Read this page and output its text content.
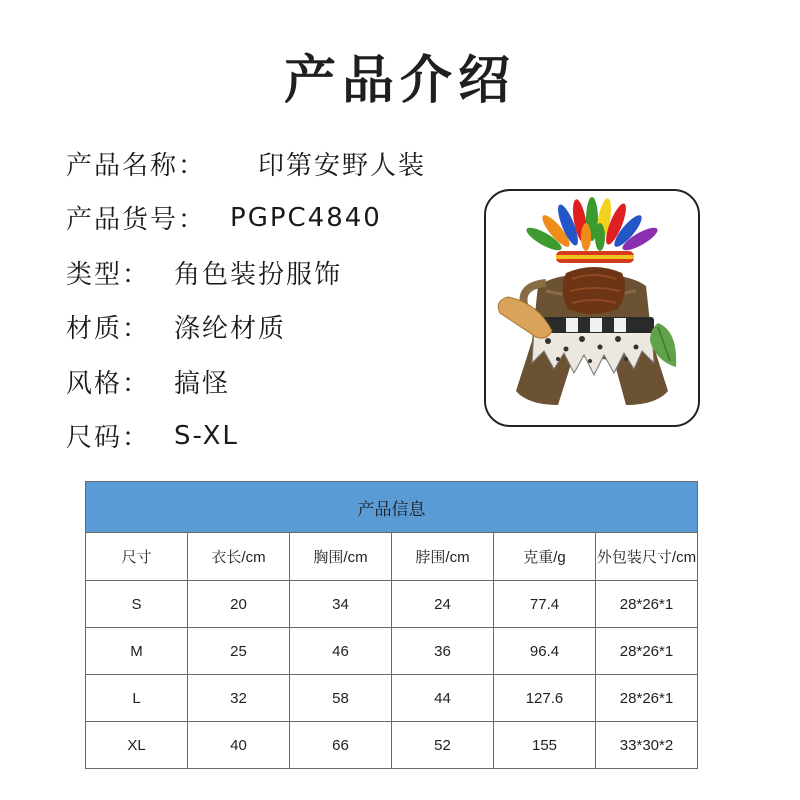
产品介绍
产品名称： 印第安野人装
产品货号： PGPC4840
类型： 角色装扮服饰
材质： 涤纶材质
风格： 搞怪
尺码： S-XL
产品信息					
尺寸	衣长/cm	胸围/cm	脖围/cm	克重/g	外包装尺寸/cm
S	20	34	24	77.4	28*26*1
M	25	46	36	96.4	28*26*1
L	32	58	44	127.6	28*26*1
XL	40	66	52	155	33*30*2
